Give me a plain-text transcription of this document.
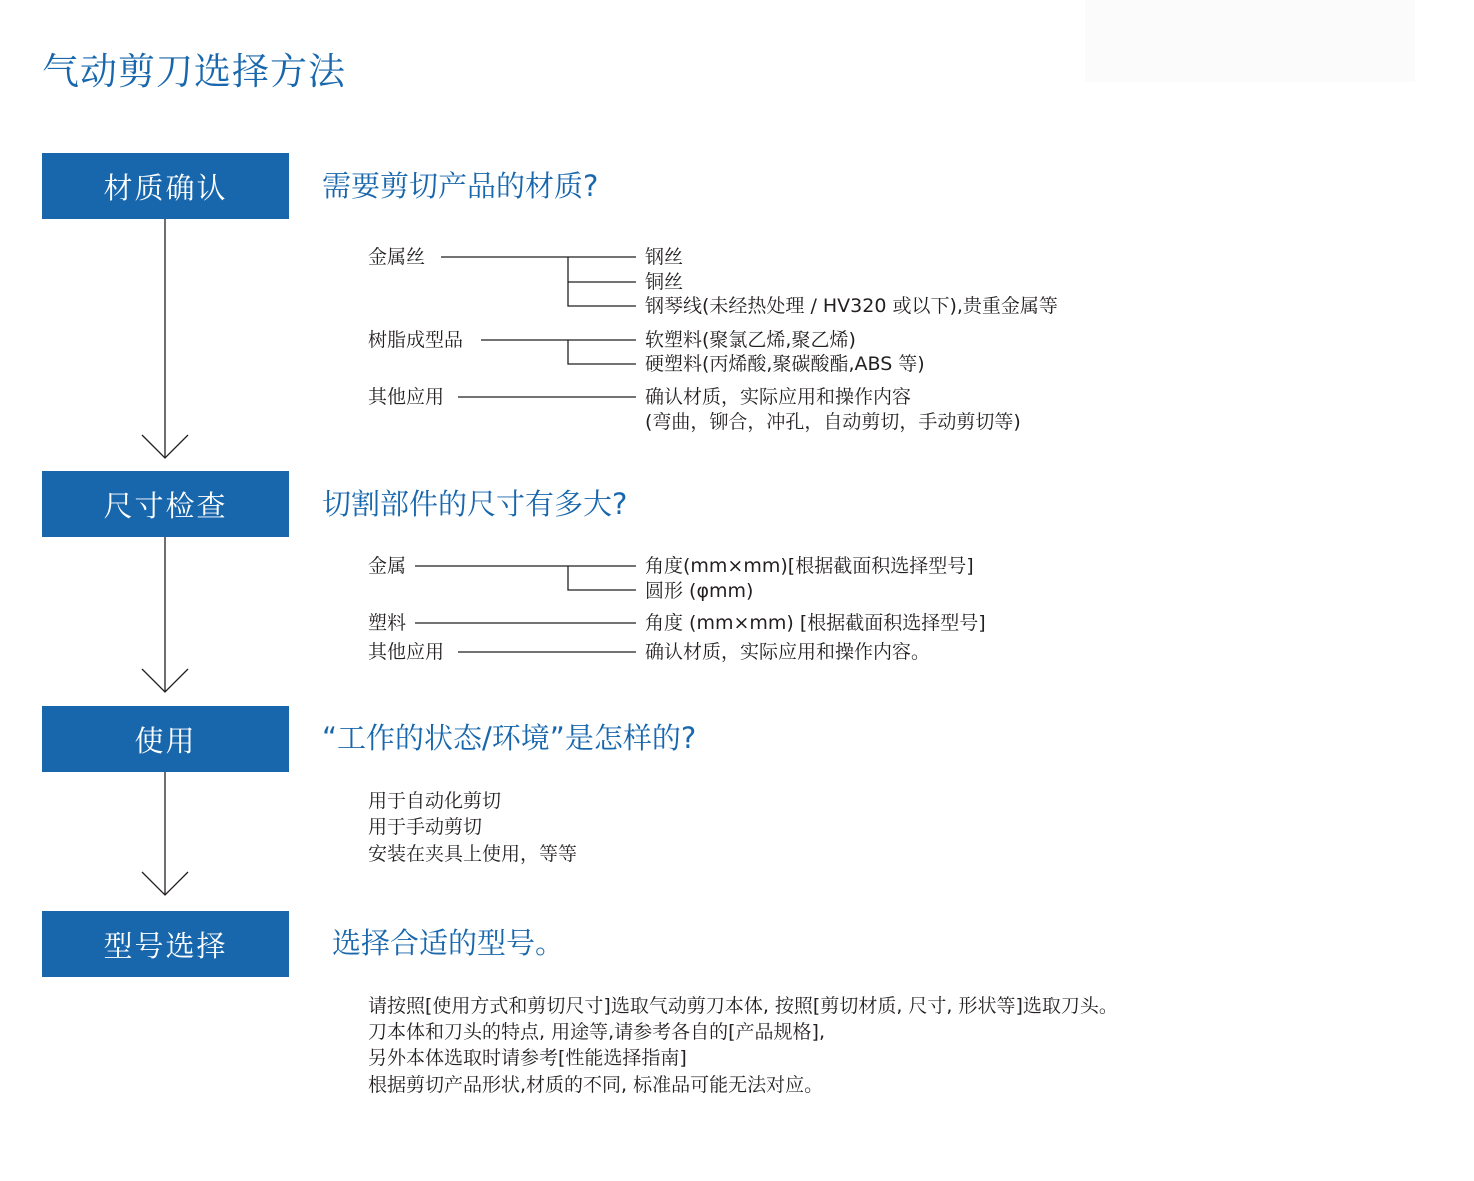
气动剪刀选择方法
材质确认
尺寸检查
使用
型号选择
需要剪切产品的材质?
切割部件的尺寸有多大?
“工作的状态/环境”是怎样的?
选择合适的型号。
金属丝	钢丝
铜丝
钢琴线(未经热处理 / HV320 或以下),贵重金属等
树脂成型品	软塑料(聚氯乙烯,聚乙烯)
硬塑料(丙烯酸,聚碳酸酯,ABS 等)
其他应用	确认材质，实际应用和操作内容
(弯曲，铆合，冲孔，自动剪切，手动剪切等)
金属	角度(mm×mm)[根据截面积选择型号]
圆形 (φmm)
塑料	角度 (mm×mm) [根据截面积选择型号]
其他应用	确认材质，实际应用和操作内容。
用于自动化剪切
用于手动剪切
安装在夹具上使用，等等
请按照[使用方式和剪切尺寸]选取气动剪刀本体, 按照[剪切材质, 尺寸, 形状等]选取刀头。
刀本体和刀头的特点, 用途等,请参考各自的[产品规格],
另外本体选取时请参考[性能选择指南]
根据剪切产品形状,材质的不同, 标准品可能无法对应。
